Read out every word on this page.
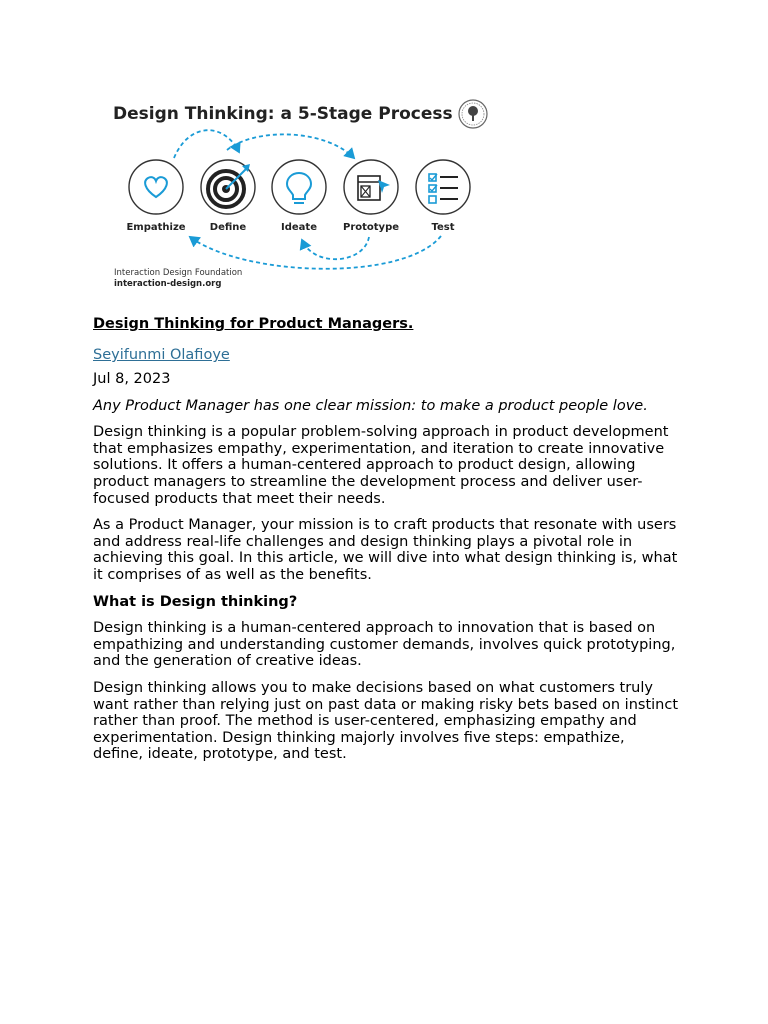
Design Thinking: a 5-Stage Process
Empathize Define	Ideate	Prototype	Test
Interaction Design Foundation
interaction-design.org
Design Thinking for Product Managers.
Seyifunmi Olafioye

Jul 8, 2023

Any Product Manager has one clear mission: to make a product people love.

Design thinking is a popular problem-solving approach in product development that emphasizes empathy, experimentation, and iteration to create innovative solutions. It offers a human-centered approach to product design, allowing product managers to streamline the development process and deliver user-focused products that meet their needs.

As a Product Manager, your mission is to craft products that resonate with users and address real-life challenges and design thinking plays a pivotal role in achieving this goal. In this article, we will dive into what design thinking is, what it comprises of as well as the benefits.

What is Design thinking?

Design thinking is a human-centered approach to innovation that is based on empathizing and understanding customer demands, involves quick prototyping, and the generation of creative ideas.

Design thinking allows you to make decisions based on what customers truly want rather than relying just on past data or making risky bets based on instinct rather than proof. The method is user-centered, emphasizing empathy and experimentation. Design thinking majorly involves five steps: empathize, define, ideate, prototype, and test.
